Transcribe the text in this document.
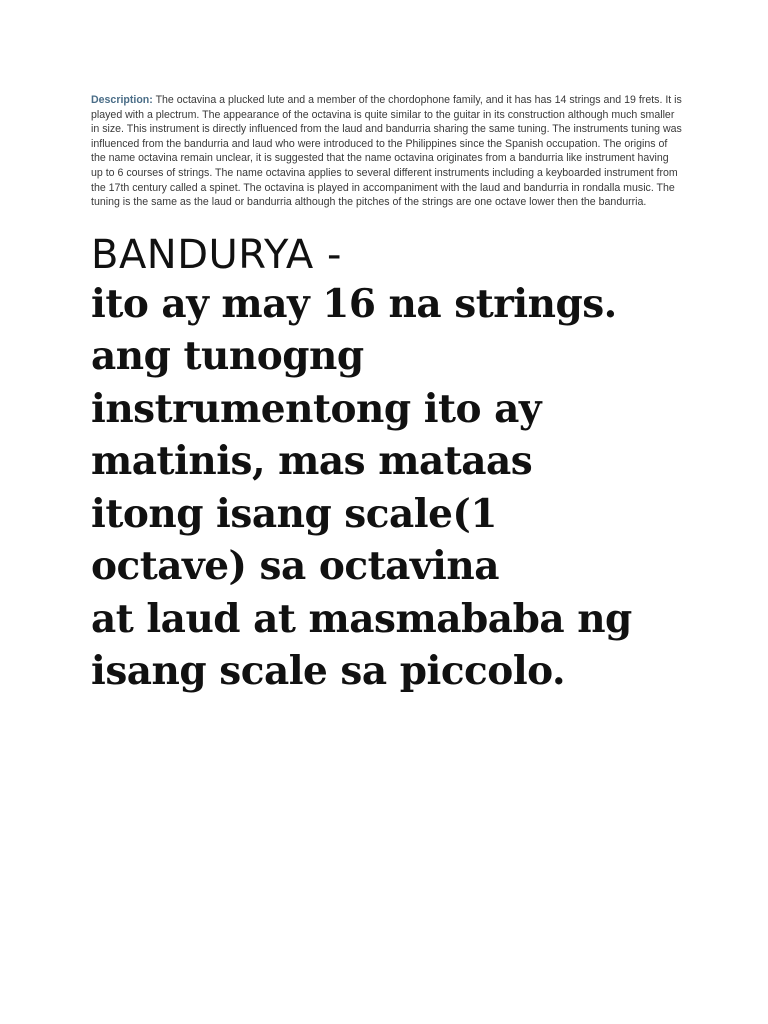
Description: The octavina a plucked lute and a member of the chordophone family, and it has has 14 strings and 19 frets. It is played with a plectrum. The appearance of the octavina is quite similar to the guitar in its construction although much smaller in size. This instrument is directly influenced from the laud and bandurria sharing the same tuning. The instruments tuning was influenced from the bandurria and laud who were introduced to the Philippines since the Spanish occupation. The origins of the name octavina remain unclear, it is suggested that the name octavina originates from a bandurria like instrument having up to 6 courses of strings. The name octavina applies to several different instruments including a keyboarded instrument from the 17th century called a spinet. The octavina is played in accompaniment with the laud and bandurria in rondalla music. The tuning is the same as the laud or bandurria although the pitches of the strings are one octave lower then the bandurria.

BANDURYA -

ito ay may 16 na strings.
ang tunogng
instrumentong ito ay
matinis, mas mataas
itong isang scale(1
octave) sa octavina
at laud at masmababa ng
isang scale sa piccolo.
